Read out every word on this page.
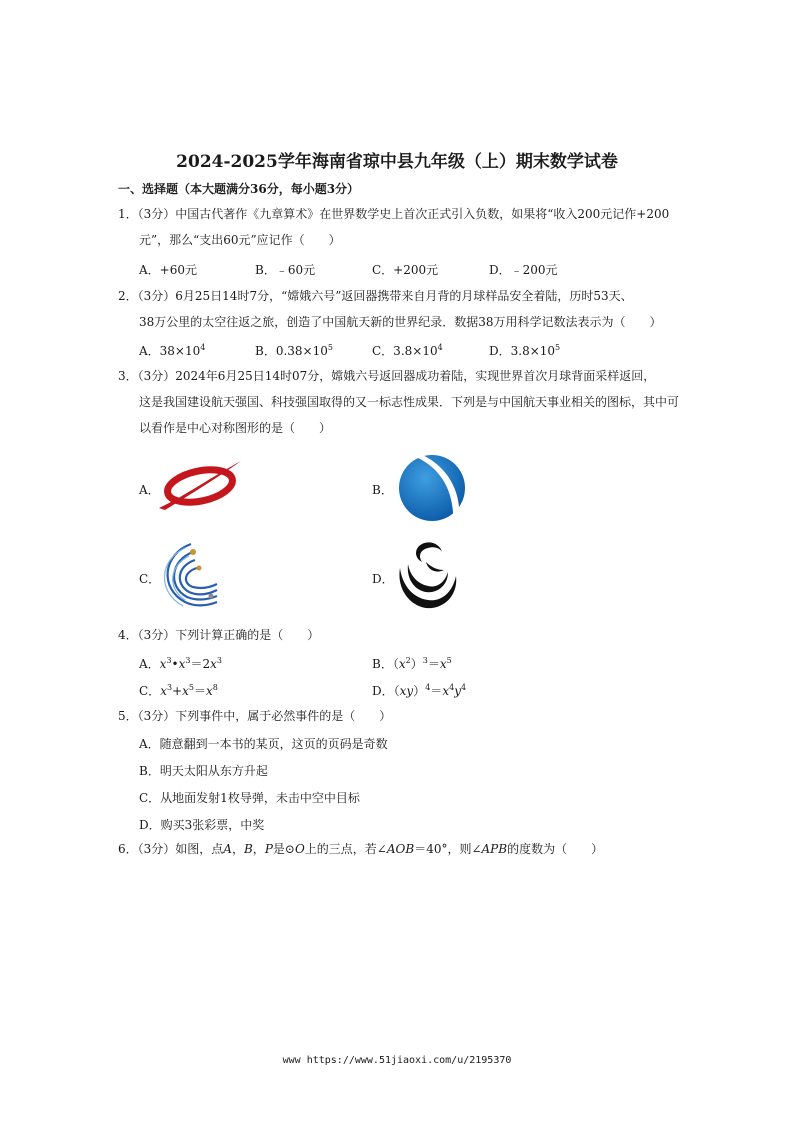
2024-2025学年海南省琼中县九年级（上）期末数学试卷
一、选择题（本大题满分36分，每小题3分）
1．（3分）中国古代著作《九章算术》在世界数学史上首次正式引入负数，如果将“收入200元记作+200
元”，那么“支出60元”应记作（　　）
A．+60元	B．﹣60元	C．+200元	D．﹣200元
2．（3分）6月25日14时7分，“嫦娥六号”返回器携带来自月背的月球样品安全着陆，历时53天、
38万公里的太空往返之旅，创造了中国航天新的世界纪录．数据38万用科学记数法表示为（　　）
A．$38\times 10^4$	B．$0.38\times 10^5$	C．$3.8\times 10^4$	D．$3.8\times 10^5$
3．（3分）2024年6月25日14时07分，嫦娥六号返回器成功着陆，实现世界首次月球背面采样返回，
这是我国建设航天强国、科技强国取得的又一标志性成果．下列是与中国航天事业相关的图标，其中可
以看作是中心对称图形的是（　　）
A．	B．
C．	D．
4．（3分）下列计算正确的是（　　）
A．$x^3•x^3=2x^3$	B．$(x^2)^3=x^5$
C．$x^3+x^5=x^8$	D．$(xy)^4=x^4y^4$
5．（3分）下列事件中，属于必然事件的是（　　）
A．随意翻到一本书的某页，这页的页码是奇数
B．明天太阳从东方升起
C．从地面发射1枚导弹，未击中空中目标
D．购买3张彩票，中奖
6．（3分）如图，点A，B，P是⊙O上的三点，若∠AOB＝40°，则∠APB的度数为（　　）
www https://www.51jiaoxi.com/u/2195370
